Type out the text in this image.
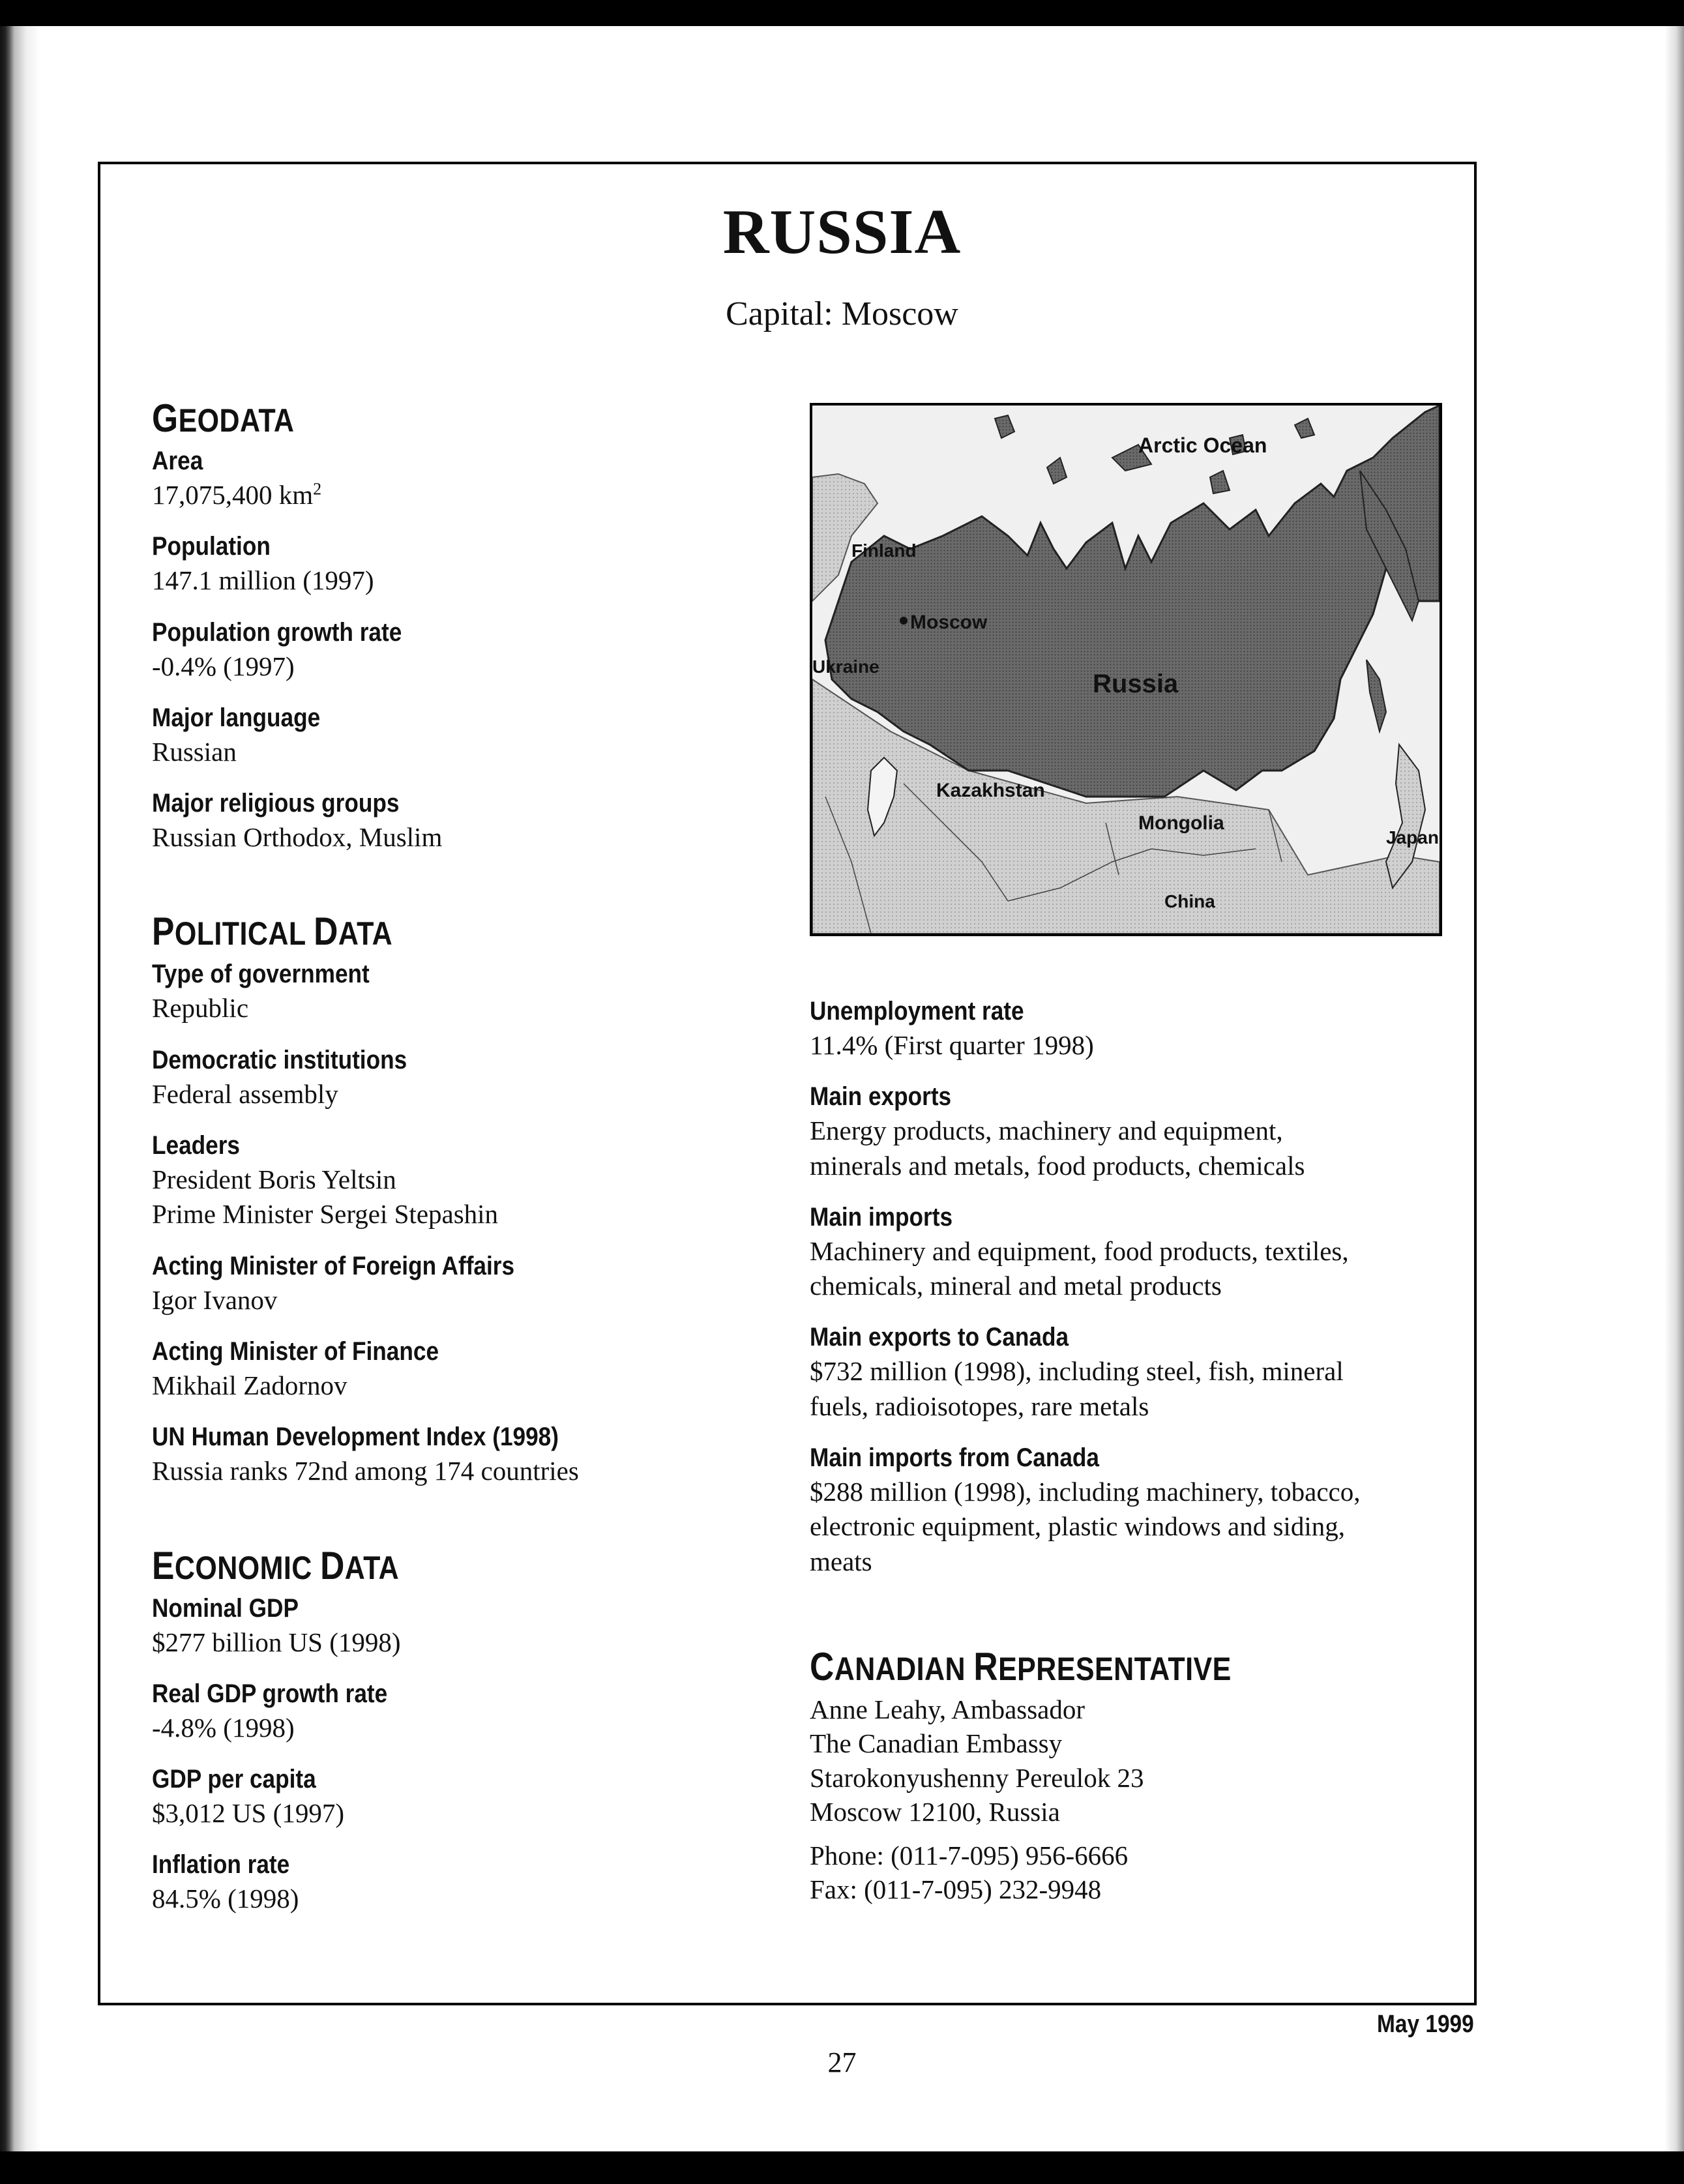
RUSSIA
Capital: Moscow
GEODATA
Area
17,075,400 $km^2$
Population
147.1 million (1997)
Population growth rate
-0.4% (1997)
Major language
Russian
Major religious groups
Russian Orthodox, Muslim
POLITICAL DATA
Type of government
Republic
Democratic institutions
Federal assembly
Leaders
President Boris Yeltsin
Prime Minister Sergei Stepashin
Acting Minister of Foreign Affairs
Igor Ivanov
Acting Minister of Finance
Mikhail Zadornov
UN Human Development Index (1998)
Russia ranks 72nd among 174 countries
ECONOMIC DATA
Nominal GDP
$277 billion US (1998)
Real GDP growth rate
-4.8% (1998)
GDP per capita
$3,012 US (1997)
Inflation rate
84.5% (1998)
Arctic Ocean
Finland
Moscow
Ukraine
Russia
Kazakhstan
Mongolia
China
Japan
Unemployment rate
11.4% (First quarter 1998)
Main exports
Energy products, machinery and equipment,
minerals and metals, food products, chemicals
Main imports
Machinery and equipment, food products, textiles,
chemicals, mineral and metal products
Main exports to Canada
$732 million (1998), including steel, fish, mineral
fuels, radioisotopes, rare metals
Main imports from Canada
$288 million (1998), including machinery, tobacco,
electronic equipment, plastic windows and siding,
meats
CANADIAN REPRESENTATIVE
Anne Leahy, Ambassador
The Canadian Embassy
Starokonyushenny Pereulok 23
Moscow 12100, Russia
Phone: (011-7-095) 956-6666
Fax: (011-7-095) 232-9948
May 1999
27
